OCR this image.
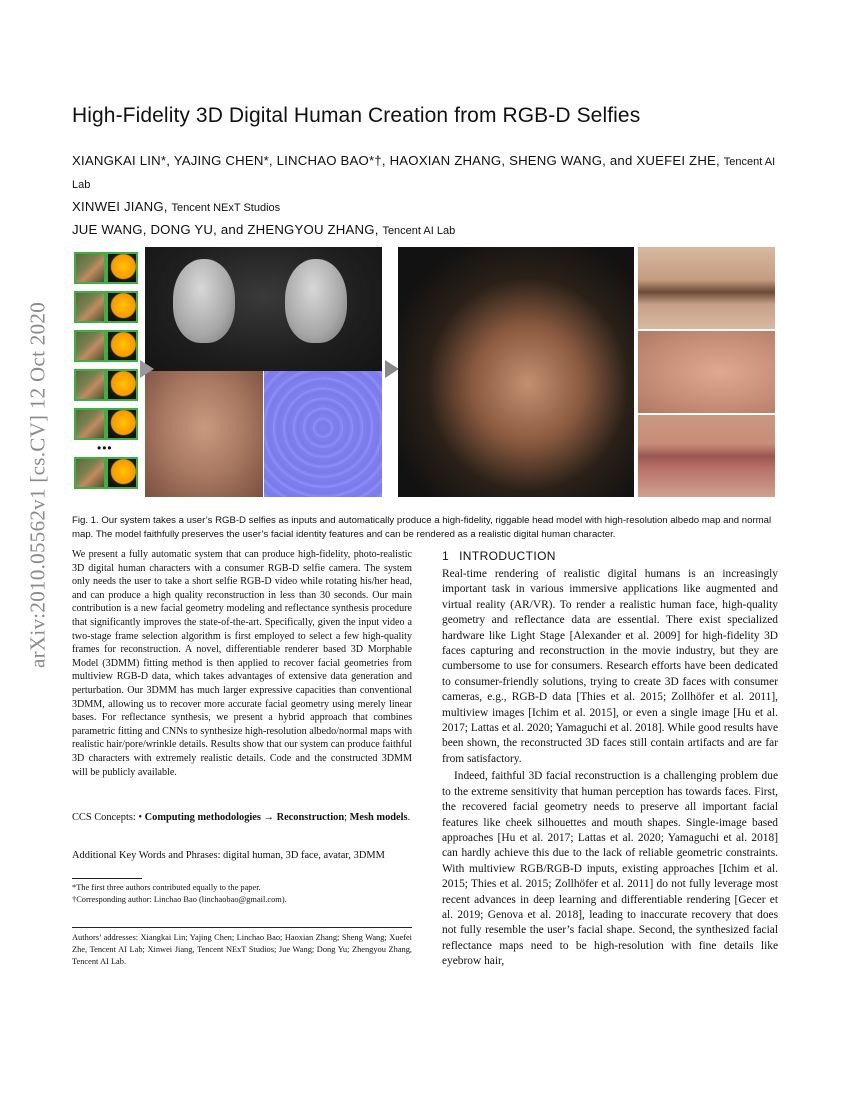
arXiv:2010.05562v1 [cs.CV] 12 Oct 2020
High-Fidelity 3D Digital Human Creation from RGB-D Selfies
XIANGKAI LIN*, YAJING CHEN*, LINCHAO BAO*†, HAOXIAN ZHANG, SHENG WANG, and XUEFEI ZHE, Tencent AI Lab
XINWEI JIANG, Tencent NExT Studios
JUE WANG, DONG YU, and ZHENGYOU ZHANG, Tencent AI Lab
•••
Fig. 1. Our system takes a user’s RGB-D selfies as inputs and automatically produce a high-fidelity, riggable head model with high-resolution albedo map and normal map. The model faithfully preserves the user’s facial identity features and can be rendered as a realistic digital human character.
We present a fully automatic system that can produce high-fidelity, photo-realistic 3D digital human characters with a consumer RGB-D selfie camera. The system only needs the user to take a short selfie RGB-D video while rotating his/her head, and can produce a high quality reconstruction in less than 30 seconds. Our main contribution is a new facial geometry modeling and reflectance synthesis procedure that significantly improves the state-of-the-art. Specifically, given the input video a two-stage frame selection algorithm is first employed to select a few high-quality frames for reconstruction. A novel, differentiable renderer based 3D Morphable Model (3DMM) fitting method is then applied to recover facial geometries from multiview RGB-D data, which takes advantages of extensive data generation and perturbation. Our 3DMM has much larger expressive capacities than conventional 3DMM, allowing us to recover more accurate facial geometry using merely linear bases. For reflectance synthesis, we present a hybrid approach that combines parametric fitting and CNNs to synthesize high-resolution albedo/normal maps with realistic hair/pore/wrinkle details. Results show that our system can produce faithful 3D characters with extremely realistic details. Code and the constructed 3DMM will be publicly available.
CCS Concepts: • Computing methodologies → Reconstruction; Mesh models.
Additional Key Words and Phrases: digital human, 3D face, avatar, 3DMM
*The first three authors contributed equally to the paper.
†Corresponding author: Linchao Bao (linchaobao@gmail.com).
Authors’ addresses: Xiangkai Lin; Yajing Chen; Linchao Bao; Haoxian Zhang; Sheng Wang; Xuefei Zhe, Tencent AI Lab; Xinwei Jiang, Tencent NExT Studios; Jue Wang; Dong Yu; Zhengyou Zhang, Tencent AI Lab.
1 INTRODUCTION

Real-time rendering of realistic digital humans is an increasingly important task in various immersive applications like augmented and virtual reality (AR/VR). To render a realistic human face, high-quality geometry and reflectance data are essential. There exist specialized hardware like Light Stage [Alexander et al. 2009] for high-fidelity 3D faces capturing and reconstruction in the movie industry, but they are cumbersome to use for consumers. Research efforts have been dedicated to consumer-friendly solutions, trying to create 3D faces with consumer cameras, e.g., RGB-D data [Thies et al. 2015; Zollhöfer et al. 2011], multiview images [Ichim et al. 2015], or even a single image [Hu et al. 2017; Lattas et al. 2020; Yamaguchi et al. 2018]. While good results have been shown, the reconstructed 3D faces still contain artifacts and are far from satisfactory.

Indeed, faithful 3D facial reconstruction is a challenging problem due to the extreme sensitivity that human perception has towards faces. First, the recovered facial geometry needs to preserve all important facial features like cheek silhouettes and mouth shapes. Single-image based approaches [Hu et al. 2017; Lattas et al. 2020; Yamaguchi et al. 2018] can hardly achieve this due to the lack of reliable geometric constraints. With multiview RGB/RGB-D inputs, existing approaches [Ichim et al. 2015; Thies et al. 2015; Zollhöfer et al. 2011] do not fully leverage most recent advances in deep learning and differentiable rendering [Gecer et al. 2019; Genova et al. 2018], leading to inaccurate recovery that does not fully resemble the user’s facial shape. Second, the synthesized facial reflectance maps need to be high-resolution with fine details like eyebrow hair,
